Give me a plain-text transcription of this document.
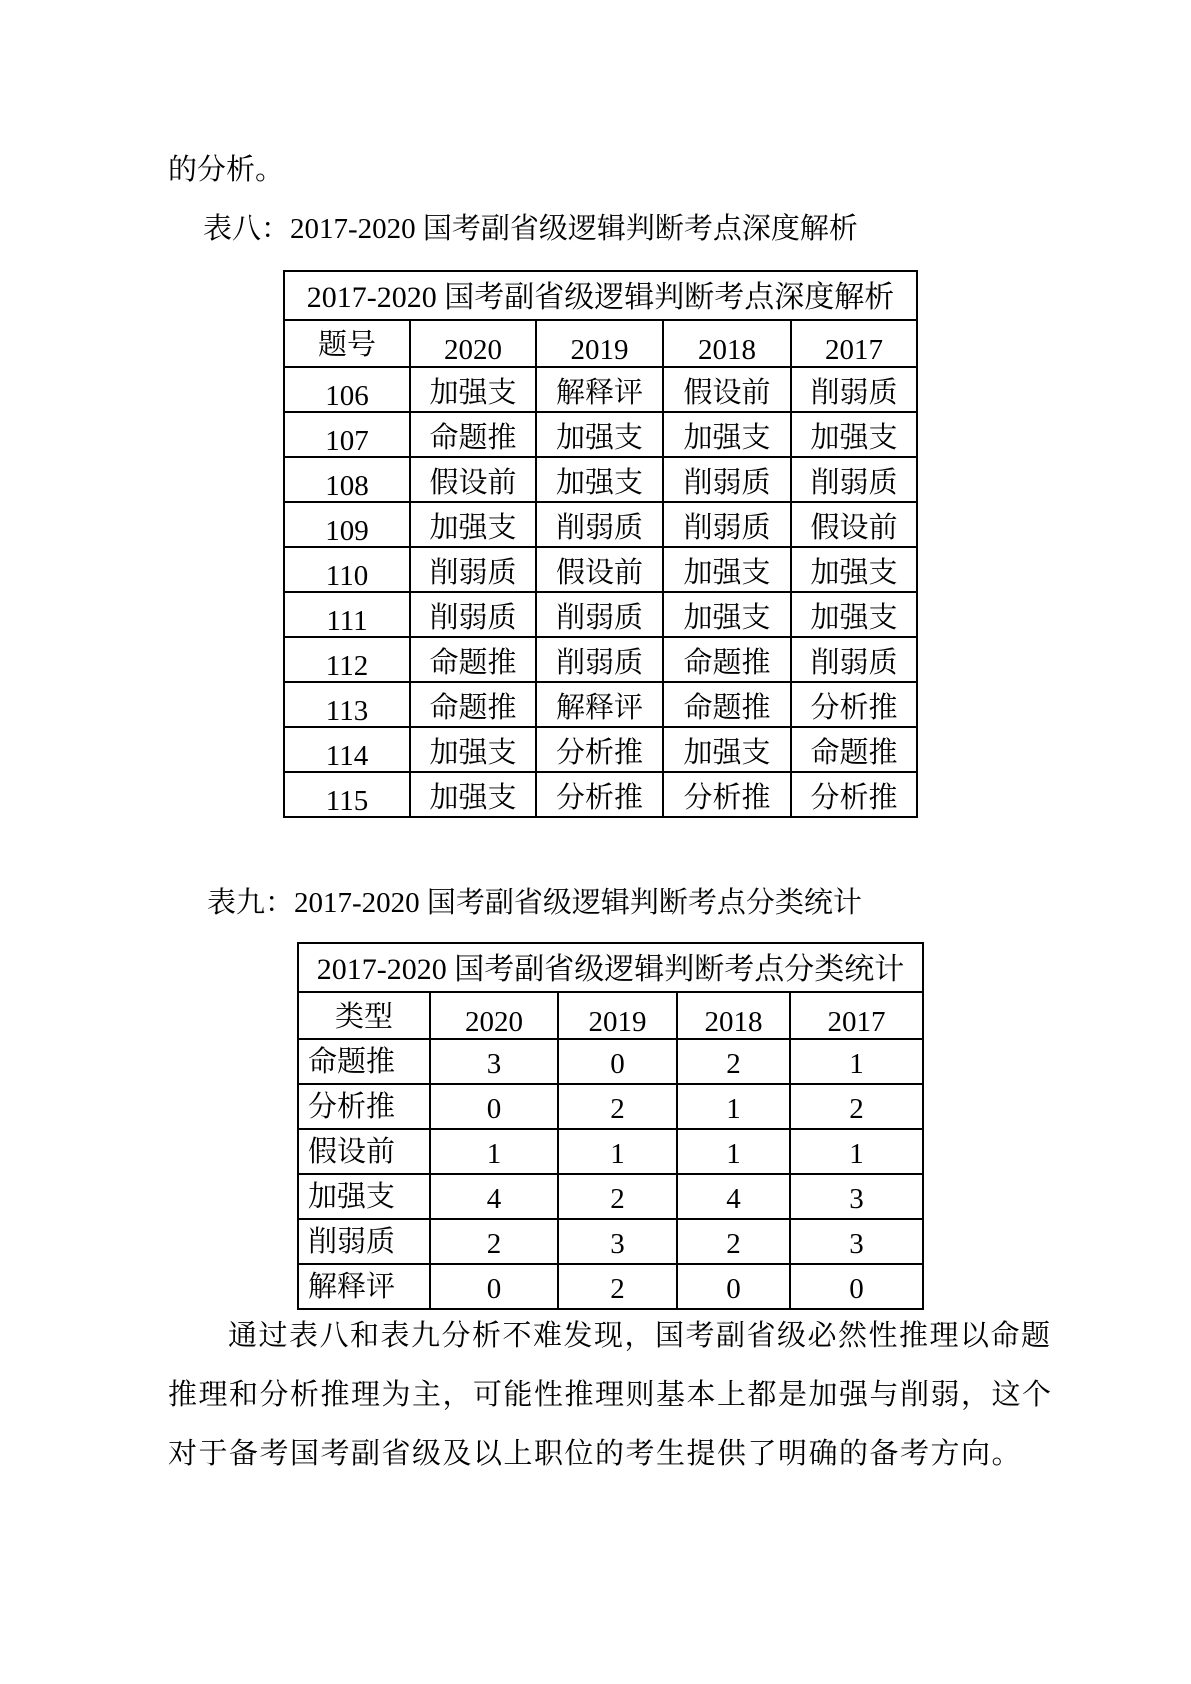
的分析。
表八：2017-2020 国考副省级逻辑判断考点深度解析
2017-2020 国考副省级逻辑判断考点深度解析				
题号	2020	2019	2018	2017
106	加强支	解释评	假设前	削弱质
107	命题推	加强支	加强支	加强支
108	假设前	加强支	削弱质	削弱质
109	加强支	削弱质	削弱质	假设前
110	削弱质	假设前	加强支	加强支
111	削弱质	削弱质	加强支	加强支
112	命题推	削弱质	命题推	削弱质
113	命题推	解释评	命题推	分析推
114	加强支	分析推	加强支	命题推
115	加强支	分析推	分析推	分析推
表九：2017-2020 国考副省级逻辑判断考点分类统计
2017-2020 国考副省级逻辑判断考点分类统计				
类型	2020	2019	2018	2017
命题推	3	0	2	1
分析推	0	2	1	2
假设前	1	1	1	1
加强支	4	2	4	3
削弱质	2	3	2	3
解释评	0	2	0	0
通过表八和表九分析不难发现，国考副省级必然性推理以命题
推理和分析推理为主，可能性推理则基本上都是加强与削弱，这个
对于备考国考副省级及以上职位的考生提供了明确的备考方向。
